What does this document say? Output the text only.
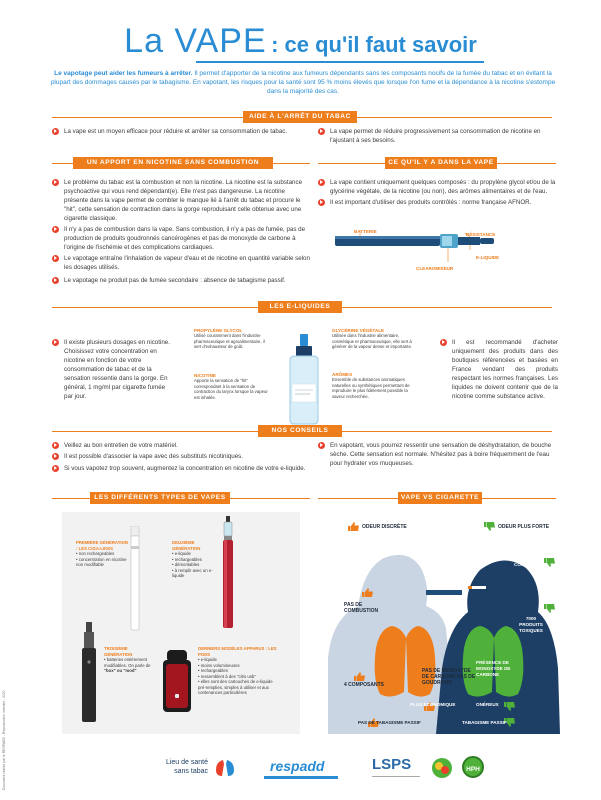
Document réalisé par le RESPADD - Reproduction interdite - 2020
La VAPE : ce qu'il faut savoir
Le vapotage peut aider les fumeurs à arrêter. Il permet d'apporter de la nicotine aux fumeurs dépendants sans les composants nocifs de la fumée du tabac et en évitant la plupart des dommages causés par le tabagisme. En vapotant, les risques pour la santé sont 95 % moins élevés que lorsque l'on fume et la dépendance à la nicotine s'estompe dans la majorité des cas.
AIDE À L'ARRÊT DU TABAC
La vape est un moyen efficace pour réduire et arrêter sa consommation de tabac.	La vape permet de réduire progressivement sa consommation de nicotine en l'ajustant à ses besoins.
UN APPORT EN NICOTINE SANS COMBUSTION	CE QU'IL Y A DANS LA VAPE
Le problème du tabac est la combustion et non la nicotine. La nicotine est la substance psychoactive qui vous rend dépendant(e). Elle n'est pas dangereuse. La nicotine présente dans la vape permet de combler le manque lié à l'arrêt du tabac et procure le "hit", cette sensation de contraction dans la gorge reproduisant celle obtenue avec une cigarette classique.
Il n'y a pas de combustion dans la vape. Sans combustion, il n'y a pas de fumée, pas de production de produits goudronnés cancérogènes et pas de monoxyde de carbone à l'origine de l'ischémie et des complications cardiaques.
Le vapotage entraîne l'inhalation de vapeur d'eau et de nicotine en quantité variable selon les dosages utilisés.
Le vapotage ne produit pas de fumée secondaire : absence de tabagisme passif.
La vape contient uniquement quelques composés : du propylène glycol et/ou de la glycérine végétale, de la nicotine (ou non), des arômes alimentaires et de l'eau.
Il est important d'utiliser des produits contrôlés : norme française AFNOR.
BATTERIE
RÉSISTANCE
E-LIQUIDE
CLEAROMISEUR
LES E-LIQUIDES
Il existe plusieurs dosages en nicotine. Choisissez votre concentration en nicotine en fonction de votre consommation de tabac et de la sensation ressentie dans la gorge. En général, 1 mg/ml par cigarette fumée par jour.
Il est recommandé d'acheter uniquement des produits dans des boutiques référencées et basées en France vendant des produits respectant les normes françaises. Les liquides ne doivent contenir que de la nicotine comme substance active.
PROPYLÈNE GLYCOL
Utilisé couramment dans l'industrie pharmaceutique et agroalimentaire, il sert d'exhausteur de goût.
NICOTINE
Apporte la sensation de "hit" correspondant à la sensation de contraction du larynx lorsque la vapeur est inhalée.
GLYCÉRINE VÉGÉTALE
Utilisée dans l'industrie alimentaire, cosmétique et pharmaceutique, elle sert à générer de la vapeur dense et importante.
ARÔMES
Ensemble de substances aromatiques naturelles ou synthétiques permettant de reproduire le plus fidèlement possible la saveur recherchée.
NOS CONSEILS
Veillez au bon entretien de votre matériel.
Il est possible d'associer la vape avec des substituts nicotiniques.
Si vous vapotez trop souvent, augmentez la concentration en nicotine de votre e-liquide.
En vapotant, vous pourrez ressentir une sensation de déshydratation, de bouche sèche. Cette sensation est normale. N'hésitez pas à boire fréquemment de l'eau pour hydrater vos muqueuses.
LES DIFFÉRENTS TYPES DE VAPES	VAPE VS CIGARETTE
PREMIÈRE GÉNÉRATION : LES CIGA-LIKES
• non rechargeables
• concentration en nicotine non modifiable
DEUXIÈME GÉNÉRATION
• e-liquide
• rechargeables
• démontables
• à remplir avec un e-liquide
TROISIÈME GÉNÉRATION
• batteries entièrement modifiables. On parle de
"box" ou "mod"
DERNIERS MODÈLES APPARUS : LES PODS
• e-liquide
• moins volumineuses
• rechargeables
• ressemblent à des "clés usb"
• elles sont des cartouches de e-liquide pré-remplies, simples à utiliser et aux contenances particulières
ODEUR DISCRÈTE	ODEUR PLUS FORTE
COMBUSTION
PAS DE COMBUSTION
7000 PRODUITS TOXIQUES
4 COMPOSANTS
PAS DE MONOXYDE DE CARBONE PAS DE GOUDRONS
PRÉSENCE DE MONOXYDE DE CARBONE
PLUS ÉCONOMIQUE	ONÉREUX
PAS DE TABAGISME PASSIF	TABAGISME PASSIF
Lieu de santé sans tabac	respadd	LSPS	HPH
